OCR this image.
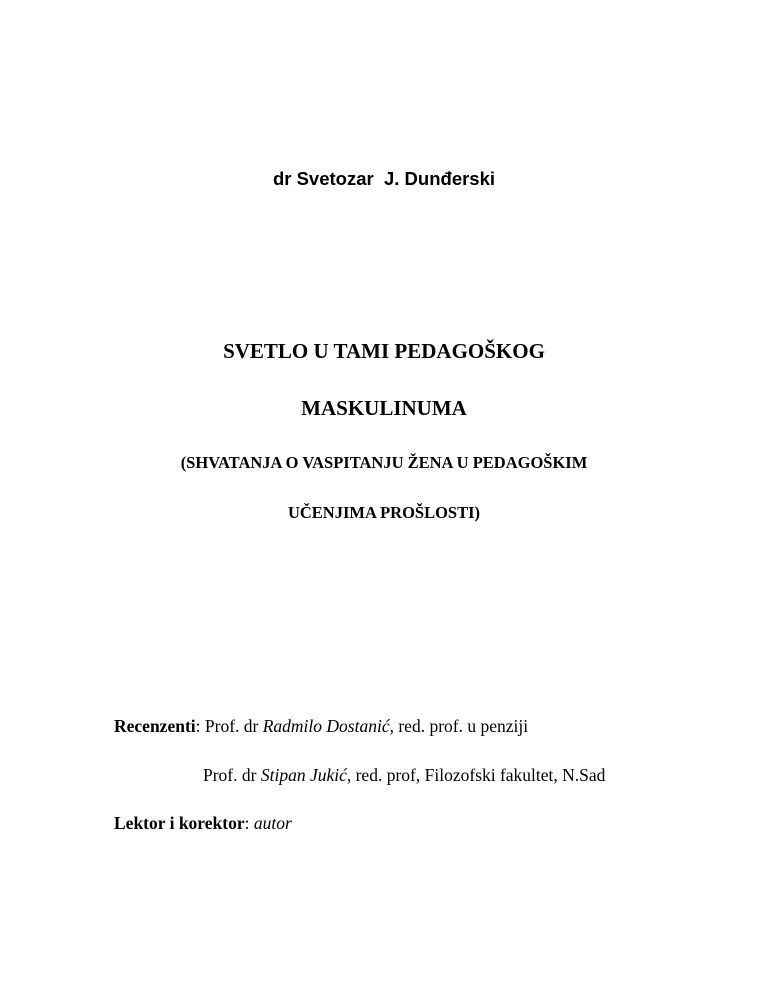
dr Svetozar  J. Dunđerski
SVETLO U TAMI PEDAGOŠKOG
MASKULINUMA
(SHVATANJA O VASPITANJU ŽENA U PEDAGOŠKIM
UČENJIMA PROŠLOSTI)
Recenzenti: Prof. dr Radmilo Dostanić, red. prof. u penziji
Prof. dr Stipan Jukić, red. prof, Filozofski fakultet, N.Sad
Lektor i korektor: autor
